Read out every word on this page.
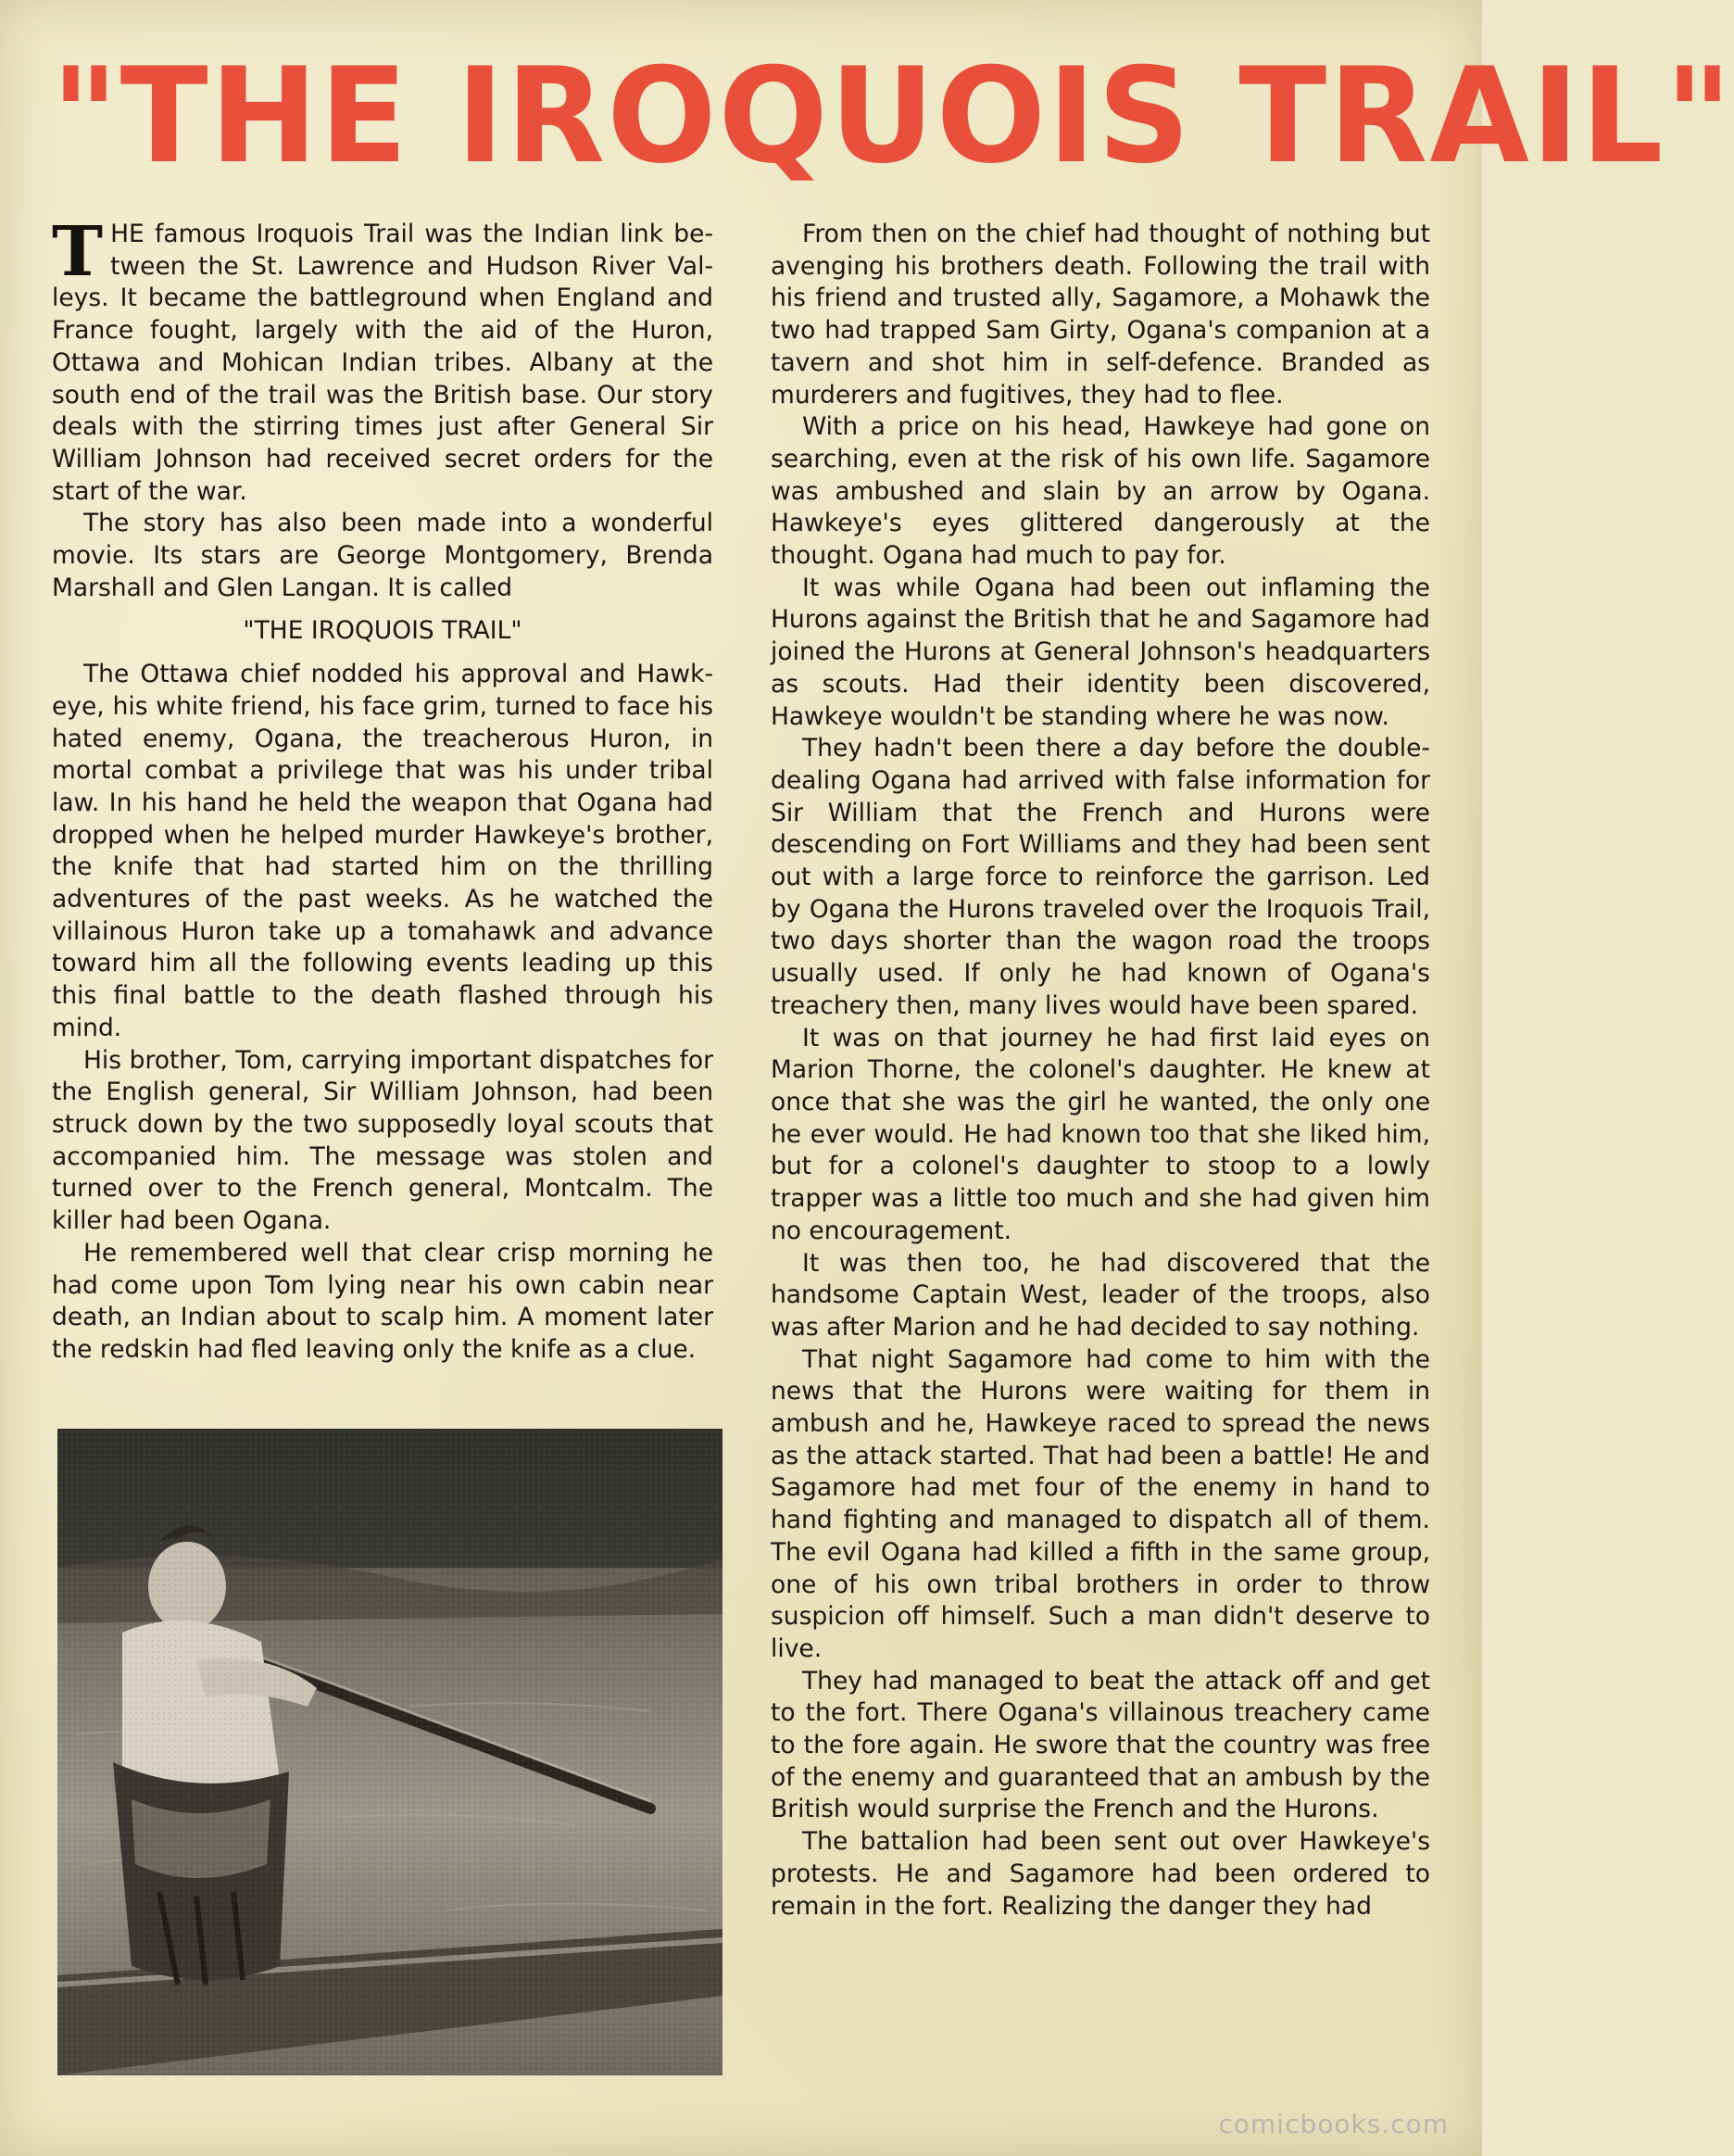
"THE IROQUOIS TRAIL"

THE famous Iroquois Trail was the Indian link between the St. Lawrence and Hudson River Valleys. It became the battleground when England and France fought, largely with the aid of the Huron, Ottawa and Mohican Indian tribes. Albany at the south end of the trail was the British base. Our story deals with the stirring times just after General Sir William Johnson had received secret orders for the start of the war.

The story has also been made into a wonderful movie. Its stars are George Montgomery, Brenda Marshall and Glen Langan. It is called

"THE IROQUOIS TRAIL"

The Ottawa chief nodded his approval and Hawkeye, his white friend, his face grim, turned to face his hated enemy, Ogana, the treacherous Huron, in mortal combat a privilege that was his under tribal law. In his hand he held the weapon that Ogana had dropped when he helped murder Hawkeye's brother, the knife that had started him on the thrilling adventures of the past weeks. As he watched the villainous Huron take up a tomahawk and advance toward him all the following events leading up this this final battle to the death flashed through his mind.

His brother, Tom, carrying important dispatches for the English general, Sir William Johnson, had been struck down by the two supposedly loyal scouts that accompanied him. The message was stolen and turned over to the French general, Montcalm. The killer had been Ogana.

He remembered well that clear crisp morning he had come upon Tom lying near his own cabin near death, an Indian about to scalp him. A moment later the redskin had fled leaving only the knife as a clue.

From then on the chief had thought of nothing but avenging his brothers death. Following the trail with his friend and trusted ally, Sagamore, a Mohawk the two had trapped Sam Girty, Ogana's companion at a tavern and shot him in self-defence. Branded as murderers and fugitives, they had to flee.

With a price on his head, Hawkeye had gone on searching, even at the risk of his own life. Sagamore was ambushed and slain by an arrow by Ogana. Hawkeye's eyes glittered dangerously at the thought. Ogana had much to pay for.

It was while Ogana had been out inflaming the Hurons against the British that he and Sagamore had joined the Hurons at General Johnson's headquarters as scouts. Had their identity been discovered, Hawkeye wouldn't be standing where he was now.

They hadn't been there a day before the double-dealing Ogana had arrived with false information for Sir William that the French and Hurons were descending on Fort Williams and they had been sent out with a large force to reinforce the garrison. Led by Ogana the Hurons traveled over the Iroquois Trail, two days shorter than the wagon road the troops usually used. If only he had known of Ogana's treachery then, many lives would have been spared.

It was on that journey he had first laid eyes on Marion Thorne, the colonel's daughter. He knew at once that she was the girl he wanted, the only one he ever would. He had known too that she liked him, but for a colonel's daughter to stoop to a lowly trapper was a little too much and she had given him no encouragement.

It was then too, he had discovered that the handsome Captain West, leader of the troops, also was after Marion and he had decided to say nothing.

That night Sagamore had come to him with the news that the Hurons were waiting for them in ambush and he, Hawkeye raced to spread the news as the attack started. That had been a battle! He and Sagamore had met four of the enemy in hand to hand fighting and managed to dispatch all of them. The evil Ogana had killed a fifth in the same group, one of his own tribal brothers in order to throw suspicion off himself. Such a man didn't deserve to live.

They had managed to beat the attack off and get to the fort. There Ogana's villainous treachery came to the fore again. He swore that the country was free of the enemy and guaranteed that an ambush by the British would surprise the French and the Hurons.

The battalion had been sent out over Hawkeye's protests. He and Sagamore had been ordered to remain in the fort. Realizing the danger they had

comicbooks.com
